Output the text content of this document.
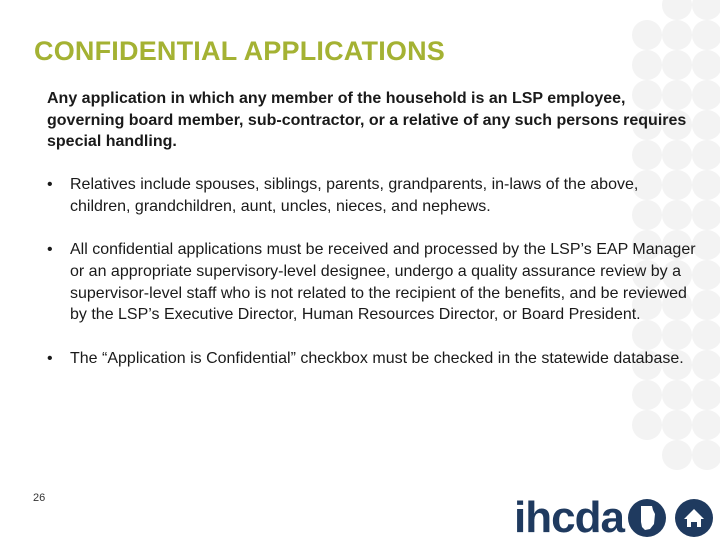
CONFIDENTIAL APPLICATIONS

Any application in which any member of the household is an LSP employee, governing board member, sub-contractor, or a relative of any such persons requires special handling.

• Relatives include spouses, siblings, parents, grandparents, in-laws of the above, children, grandchildren, aunt, uncles, nieces, and nephews.
• All confidential applications must be received and processed by the LSP’s EAP Manager or an appropriate supervisory-level designee, undergo a quality assurance review by a supervisor-level staff who is not related to the recipient of the benefits, and be reviewed by the LSP’s Executive Director, Human Resources Director, or Board President.
• The “Application is Confidential” checkbox must be checked in the statewide database.
26	ihcda
